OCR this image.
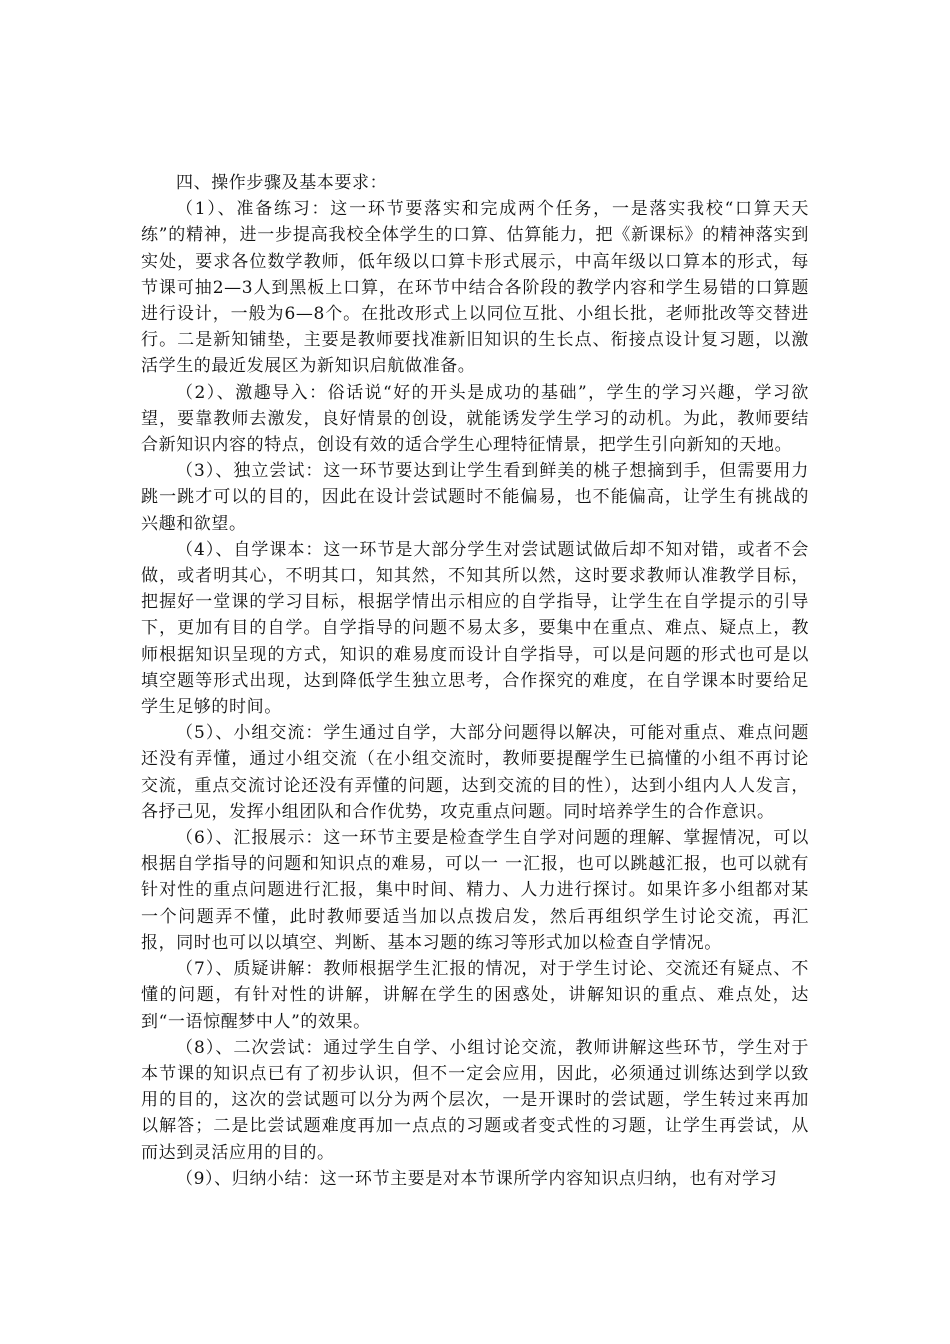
四、操作步骤及基本要求：

（1）、准备练习：这一环节要落实和完成两个任务，一是落实我校“口算天天练”的精神，进一步提高我校全体学生的口算、估算能力，把《新课标》的精神落实到实处，要求各位数学教师，低年级以口算卡形式展示，中高年级以口算本的形式，每节课可抽2—3人到黑板上口算，在环节中结合各阶段的教学内容和学生易错的口算题进行设计，一般为6—8个。在批改形式上以同位互批、小组长批，老师批改等交替进行。二是新知铺垫，主要是教师要找准新旧知识的生长点、衔接点设计复习题，以激活学生的最近发展区为新知识启航做准备。

（2）、激趣导入：俗话说“好的开头是成功的基础”，学生的学习兴趣，学习欲望，要靠教师去激发，良好情景的创设，就能诱发学生学习的动机。为此，教师要结合新知识内容的特点，创设有效的适合学生心理特征情景，把学生引向新知的天地。

（3）、独立尝试：这一环节要达到让学生看到鲜美的桃子想摘到手，但需要用力跳一跳才可以的目的，因此在设计尝试题时不能偏易，也不能偏高，让学生有挑战的兴趣和欲望。

（4）、自学课本：这一环节是大部分学生对尝试题试做后却不知对错，或者不会做，或者明其心，不明其口，知其然，不知其所以然，这时要求教师认准教学目标，把握好一堂课的学习目标，根据学情出示相应的自学指导，让学生在自学提示的引导下，更加有目的自学。自学指导的问题不易太多，要集中在重点、难点、疑点上，教师根据知识呈现的方式，知识的难易度而设计自学指导，可以是问题的形式也可是以填空题等形式出现，达到降低学生独立思考，合作探究的难度，在自学课本时要给足学生足够的时间。

（5）、小组交流：学生通过自学，大部分问题得以解决，可能对重点、难点问题还没有弄懂，通过小组交流（在小组交流时，教师要提醒学生已搞懂的小组不再讨论交流，重点交流讨论还没有弄懂的问题，达到交流的目的性），达到小组内人人发言，各抒己见，发挥小组团队和合作优势，攻克重点问题。同时培养学生的合作意识。

（6）、汇报展示：这一环节主要是检查学生自学对问题的理解、掌握情况，可以根据自学指导的问题和知识点的难易，可以一 一汇报，也可以跳越汇报，也可以就有针对性的重点问题进行汇报，集中时间、精力、人力进行探讨。如果许多小组都对某一个问题弄不懂，此时教师要适当加以点拨启发，然后再组织学生讨论交流，再汇报，同时也可以以填空、判断、基本习题的练习等形式加以检查自学情况。

（7）、质疑讲解：教师根据学生汇报的情况，对于学生讨论、交流还有疑点、不懂的问题，有针对性的讲解，讲解在学生的困惑处，讲解知识的重点、难点处，达到“一语惊醒梦中人”的效果。

（8）、二次尝试：通过学生自学、小组讨论交流，教师讲解这些环节，学生对于本节课的知识点已有了初步认识，但不一定会应用，因此，必须通过训练达到学以致用的目的，这次的尝试题可以分为两个层次，一是开课时的尝试题，学生转过来再加以解答；二是比尝试题难度再加一点点的习题或者变式性的习题，让学生再尝试，从而达到灵活应用的目的。

（9）、归纳小结：这一环节主要是对本节课所学内容知识点归纳，也有对学习
